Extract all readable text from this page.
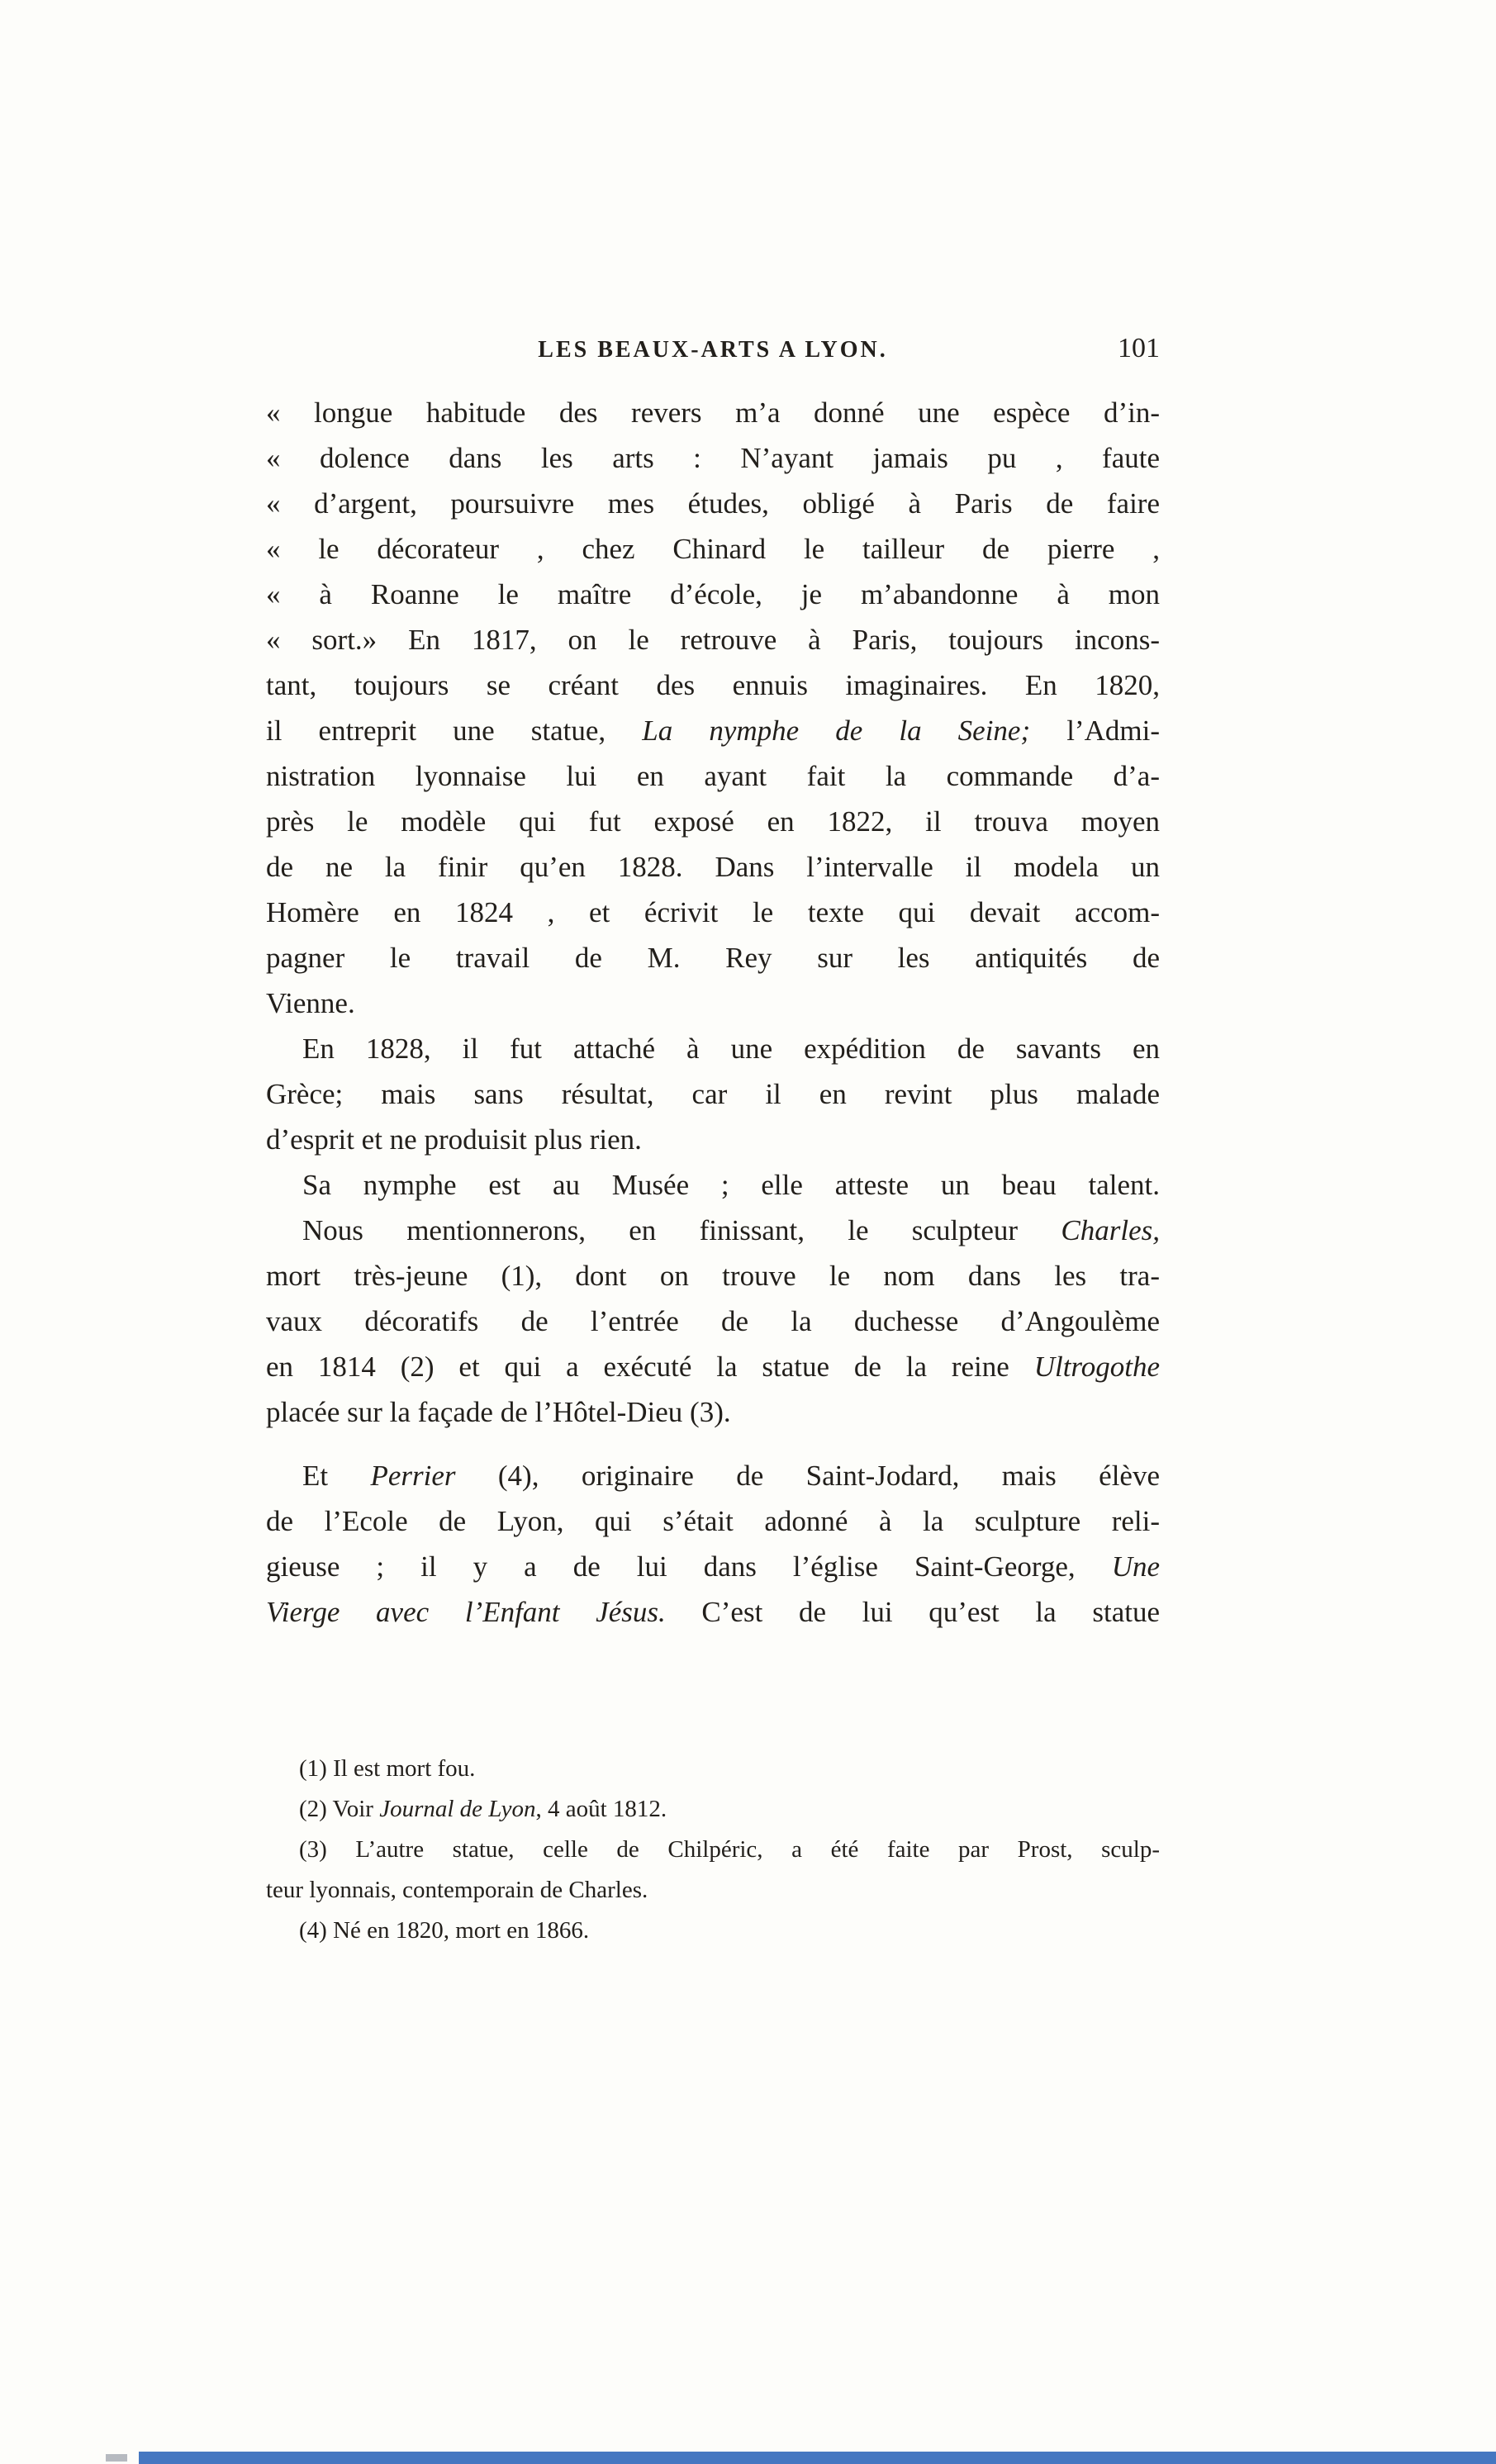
LES BEAUX-ARTS A LYON.	101
« longue habitude des revers m’a donné une espèce d’in-
« dolence dans les arts : N’ayant jamais pu , faute
« d’argent, poursuivre mes études, obligé à Paris de faire
« le décorateur , chez Chinard le tailleur de pierre ,
« à Roanne le maître d’école, je m’abandonne à mon
« sort.» En 1817, on le retrouve à Paris, toujours incons-
tant, toujours se créant des ennuis imaginaires. En 1820,
il entreprit une statue, La nymphe de la Seine; l’Admi-
nistration lyonnaise lui en ayant fait la commande d’a-
près le modèle qui fut exposé en 1822, il trouva moyen
de ne la finir qu’en 1828. Dans l’intervalle il modela un
Homère en 1824 , et écrivit le texte qui devait accom-
pagner le travail de M. Rey sur les antiquités de
Vienne.
En 1828, il fut attaché à une expédition de savants en
Grèce; mais sans résultat, car il en revint plus malade
d’esprit et ne produisit plus rien.
Sa nymphe est au Musée ; elle atteste un beau talent.
Nous mentionnerons, en finissant, le sculpteur Charles,
mort très-jeune (1), dont on trouve le nom dans les tra-
vaux décoratifs de l’entrée de la duchesse d’Angoulème
en 1814 (2) et qui a exécuté la statue de la reine Ultrogothe
placée sur la façade de l’Hôtel-Dieu (3).
Et Perrier (4), originaire de Saint-Jodard, mais élève
de l’Ecole de Lyon, qui s’était adonné à la sculpture reli-
gieuse ; il y a de lui dans l’église Saint-George, Une
Vierge avec l’Enfant Jésus. C’est de lui qu’est la statue
(1) Il est mort fou.
(2) Voir Journal de Lyon, 4 août 1812.
(3) L’autre statue, celle de Chilpéric, a été faite par Prost, sculp-
teur lyonnais, contemporain de Charles.
(4) Né en 1820, mort en 1866.
